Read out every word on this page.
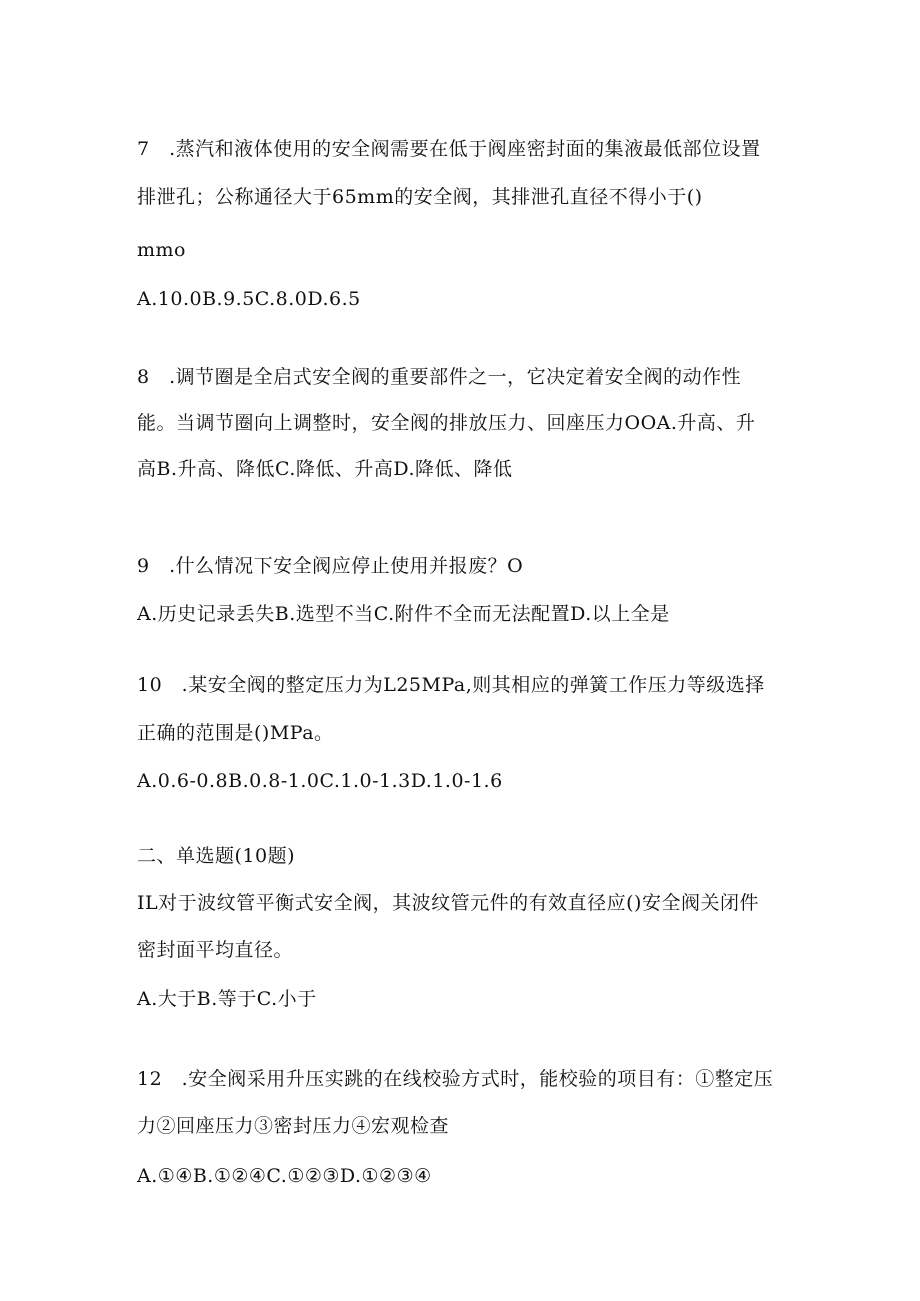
7　.蒸汽和液体使用的安全阀需要在低于阀座密封面的集液最低部位设置
排泄孔；公称通径大于65mm的安全阀，其排泄孔直径不得小于()
mmo
A.10.0B.9.5C.8.0D.6.5
8　.调节圈是全启式安全阀的重要部件之一，它决定着安全阀的动作性
能。当调节圈向上调整时，安全阀的排放压力、回座压力OOA.升高、升
高B.升高、降低C.降低、升高D.降低、降低
9　.什么情况下安全阀应停止使用并报废？O
A.历史记录丢失B.选型不当C.附件不全而无法配置D.以上全是
10　.某安全阀的整定压力为L25MPa,则其相应的弹簧工作压力等级选择
正确的范围是()MPa。
A.0.6-0.8B.0.8-1.0C.1.0-1.3D.1.0-1.6
二、单选题(10题)
IL对于波纹管平衡式安全阀，其波纹管元件的有效直径应()安全阀关闭件
密封面平均直径。
A.大于B.等于C.小于
12　.安全阀采用升压实跳的在线校验方式时，能校验的项目有：①整定压
力②回座压力③密封压力④宏观检查
A.①④B.①②④C.①②③D.①②③④
